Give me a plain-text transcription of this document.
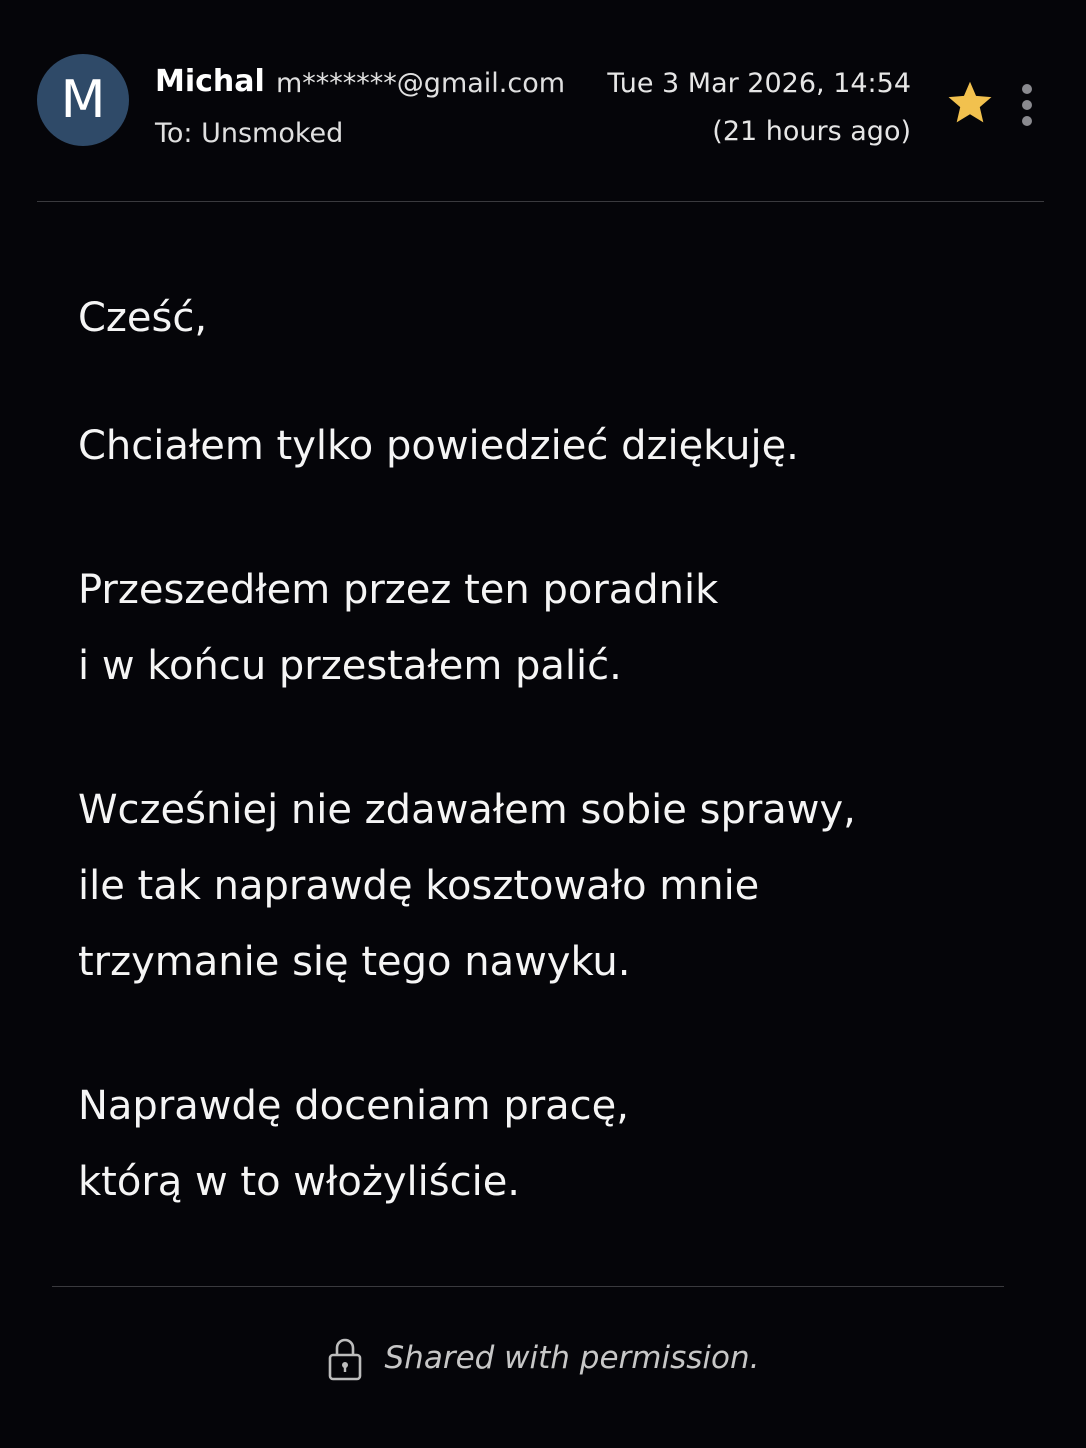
M	Michal m*******@gmail.com
To: Unsmoked
Tue 3 Mar 2026, 14:54
(21 hours ago)
Cześć,
Chciałem tylko powiedzieć dziękuję.
Przeszedłem przez ten poradnik
i w końcu przestałem palić.
Wcześniej nie zdawałem sobie sprawy,
ile tak naprawdę kosztowało mnie
trzymanie się tego nawyku.
Naprawdę doceniam pracę,
którą w to włożyliście.
Shared with permission.
